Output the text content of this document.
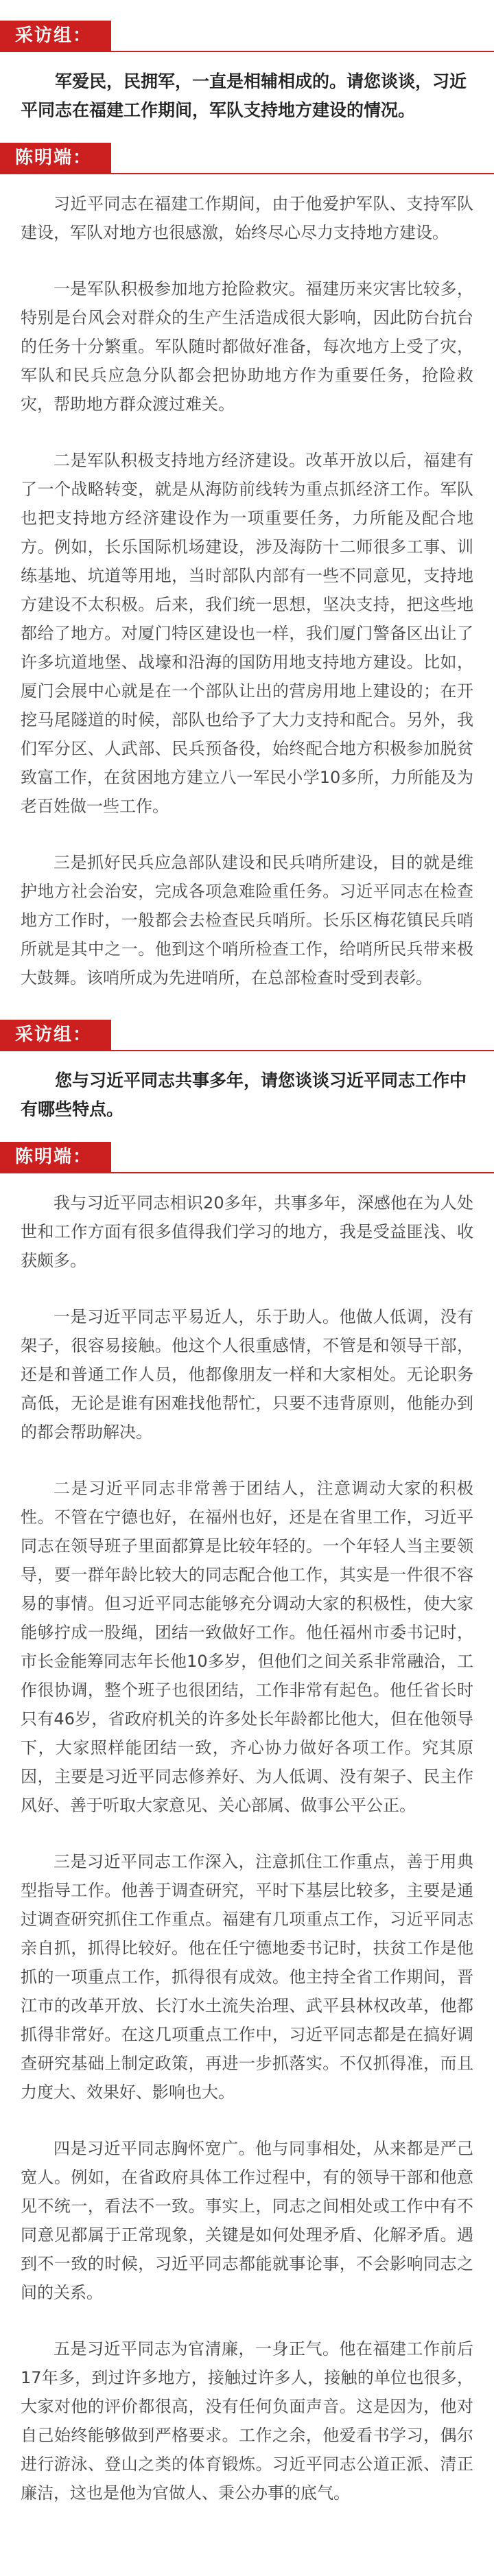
采访组：

军爱民，民拥军，一直是相辅相成的。请您谈谈，习近平同志在福建工作期间，军队支持地方建设的情况。

陈明端：

习近平同志在福建工作期间，由于他爱护军队、支持军队建设，军队对地方也很感激，始终尽心尽力支持地方建设。

一是军队积极参加地方抢险救灾。福建历来灾害比较多，特别是台风会对群众的生产生活造成很大影响，因此防台抗台的任务十分繁重。军队随时都做好准备，每次地方上受了灾，军队和民兵应急分队都会把协助地方作为重要任务，抢险救灾，帮助地方群众渡过难关。

二是军队积极支持地方经济建设。改革开放以后，福建有了一个战略转变，就是从海防前线转为重点抓经济工作。军队也把支持地方经济建设作为一项重要任务，力所能及配合地方。例如，长乐国际机场建设，涉及海防十二师很多工事、训练基地、坑道等用地，当时部队内部有一些不同意见，支持地方建设不太积极。后来，我们统一思想，坚决支持，把这些地都给了地方。对厦门特区建设也一样，我们厦门警备区出让了许多坑道地堡、战壕和沿海的国防用地支持地方建设。比如，厦门会展中心就是在一个部队让出的营房用地上建设的；在开挖马尾隧道的时候，部队也给予了大力支持和配合。另外，我们军分区、人武部、民兵预备役，始终配合地方积极参加脱贫致富工作，在贫困地方建立八一军民小学10多所，力所能及为老百姓做一些工作。

三是抓好民兵应急部队建设和民兵哨所建设，目的就是维护地方社会治安，完成各项急难险重任务。习近平同志在检查地方工作时，一般都会去检查民兵哨所。长乐区梅花镇民兵哨所就是其中之一。他到这个哨所检查工作，给哨所民兵带来极大鼓舞。该哨所成为先进哨所，在总部检查时受到表彰。

采访组：

您与习近平同志共事多年，请您谈谈习近平同志工作中有哪些特点。

陈明端：

我与习近平同志相识20多年，共事多年，深感他在为人处世和工作方面有很多值得我们学习的地方，我是受益匪浅、收获颇多。

一是习近平同志平易近人，乐于助人。他做人低调，没有架子，很容易接触。他这个人很重感情，不管是和领导干部，还是和普通工作人员，他都像朋友一样和大家相处。无论职务高低，无论是谁有困难找他帮忙，只要不违背原则，他能办到的都会帮助解决。

二是习近平同志非常善于团结人，注意调动大家的积极性。不管在宁德也好，在福州也好，还是在省里工作，习近平同志在领导班子里面都算是比较年轻的。一个年轻人当主要领导，要一群年龄比较大的同志配合他工作，其实是一件很不容易的事情。但习近平同志能够充分调动大家的积极性，使大家能够拧成一股绳，团结一致做好工作。他任福州市委书记时，市长金能筹同志年长他10多岁，但他们之间关系非常融洽，工作很协调，整个班子也很团结，工作非常有起色。他任省长时只有46岁，省政府机关的许多处长年龄都比他大，但在他领导下，大家照样能团结一致，齐心协力做好各项工作。究其原因，主要是习近平同志修养好、为人低调、没有架子、民主作风好、善于听取大家意见、关心部属、做事公平公正。

三是习近平同志工作深入，注意抓住工作重点，善于用典型指导工作。他善于调查研究，平时下基层比较多，主要是通过调查研究抓住工作重点。福建有几项重点工作，习近平同志亲自抓，抓得比较好。他在任宁德地委书记时，扶贫工作是他抓的一项重点工作，抓得很有成效。他主持全省工作期间，晋江市的改革开放、长汀水土流失治理、武平县林权改革，他都抓得非常好。在这几项重点工作中，习近平同志都是在搞好调查研究基础上制定政策，再进一步抓落实。不仅抓得准，而且力度大、效果好、影响也大。

四是习近平同志胸怀宽广。他与同事相处，从来都是严己宽人。例如，在省政府具体工作过程中，有的领导干部和他意见不统一，看法不一致。事实上，同志之间相处或工作中有不同意见都属于正常现象，关键是如何处理矛盾、化解矛盾。遇到不一致的时候，习近平同志都能就事论事，不会影响同志之间的关系。

五是习近平同志为官清廉，一身正气。他在福建工作前后17年多，到过许多地方，接触过许多人，接触的单位也很多，大家对他的评价都很高，没有任何负面声音。这是因为，他对自己始终能够做到严格要求。工作之余，他爱看书学习，偶尔进行游泳、登山之类的体育锻炼。习近平同志公道正派、清正廉洁，这也是他为官做人、秉公办事的底气。
